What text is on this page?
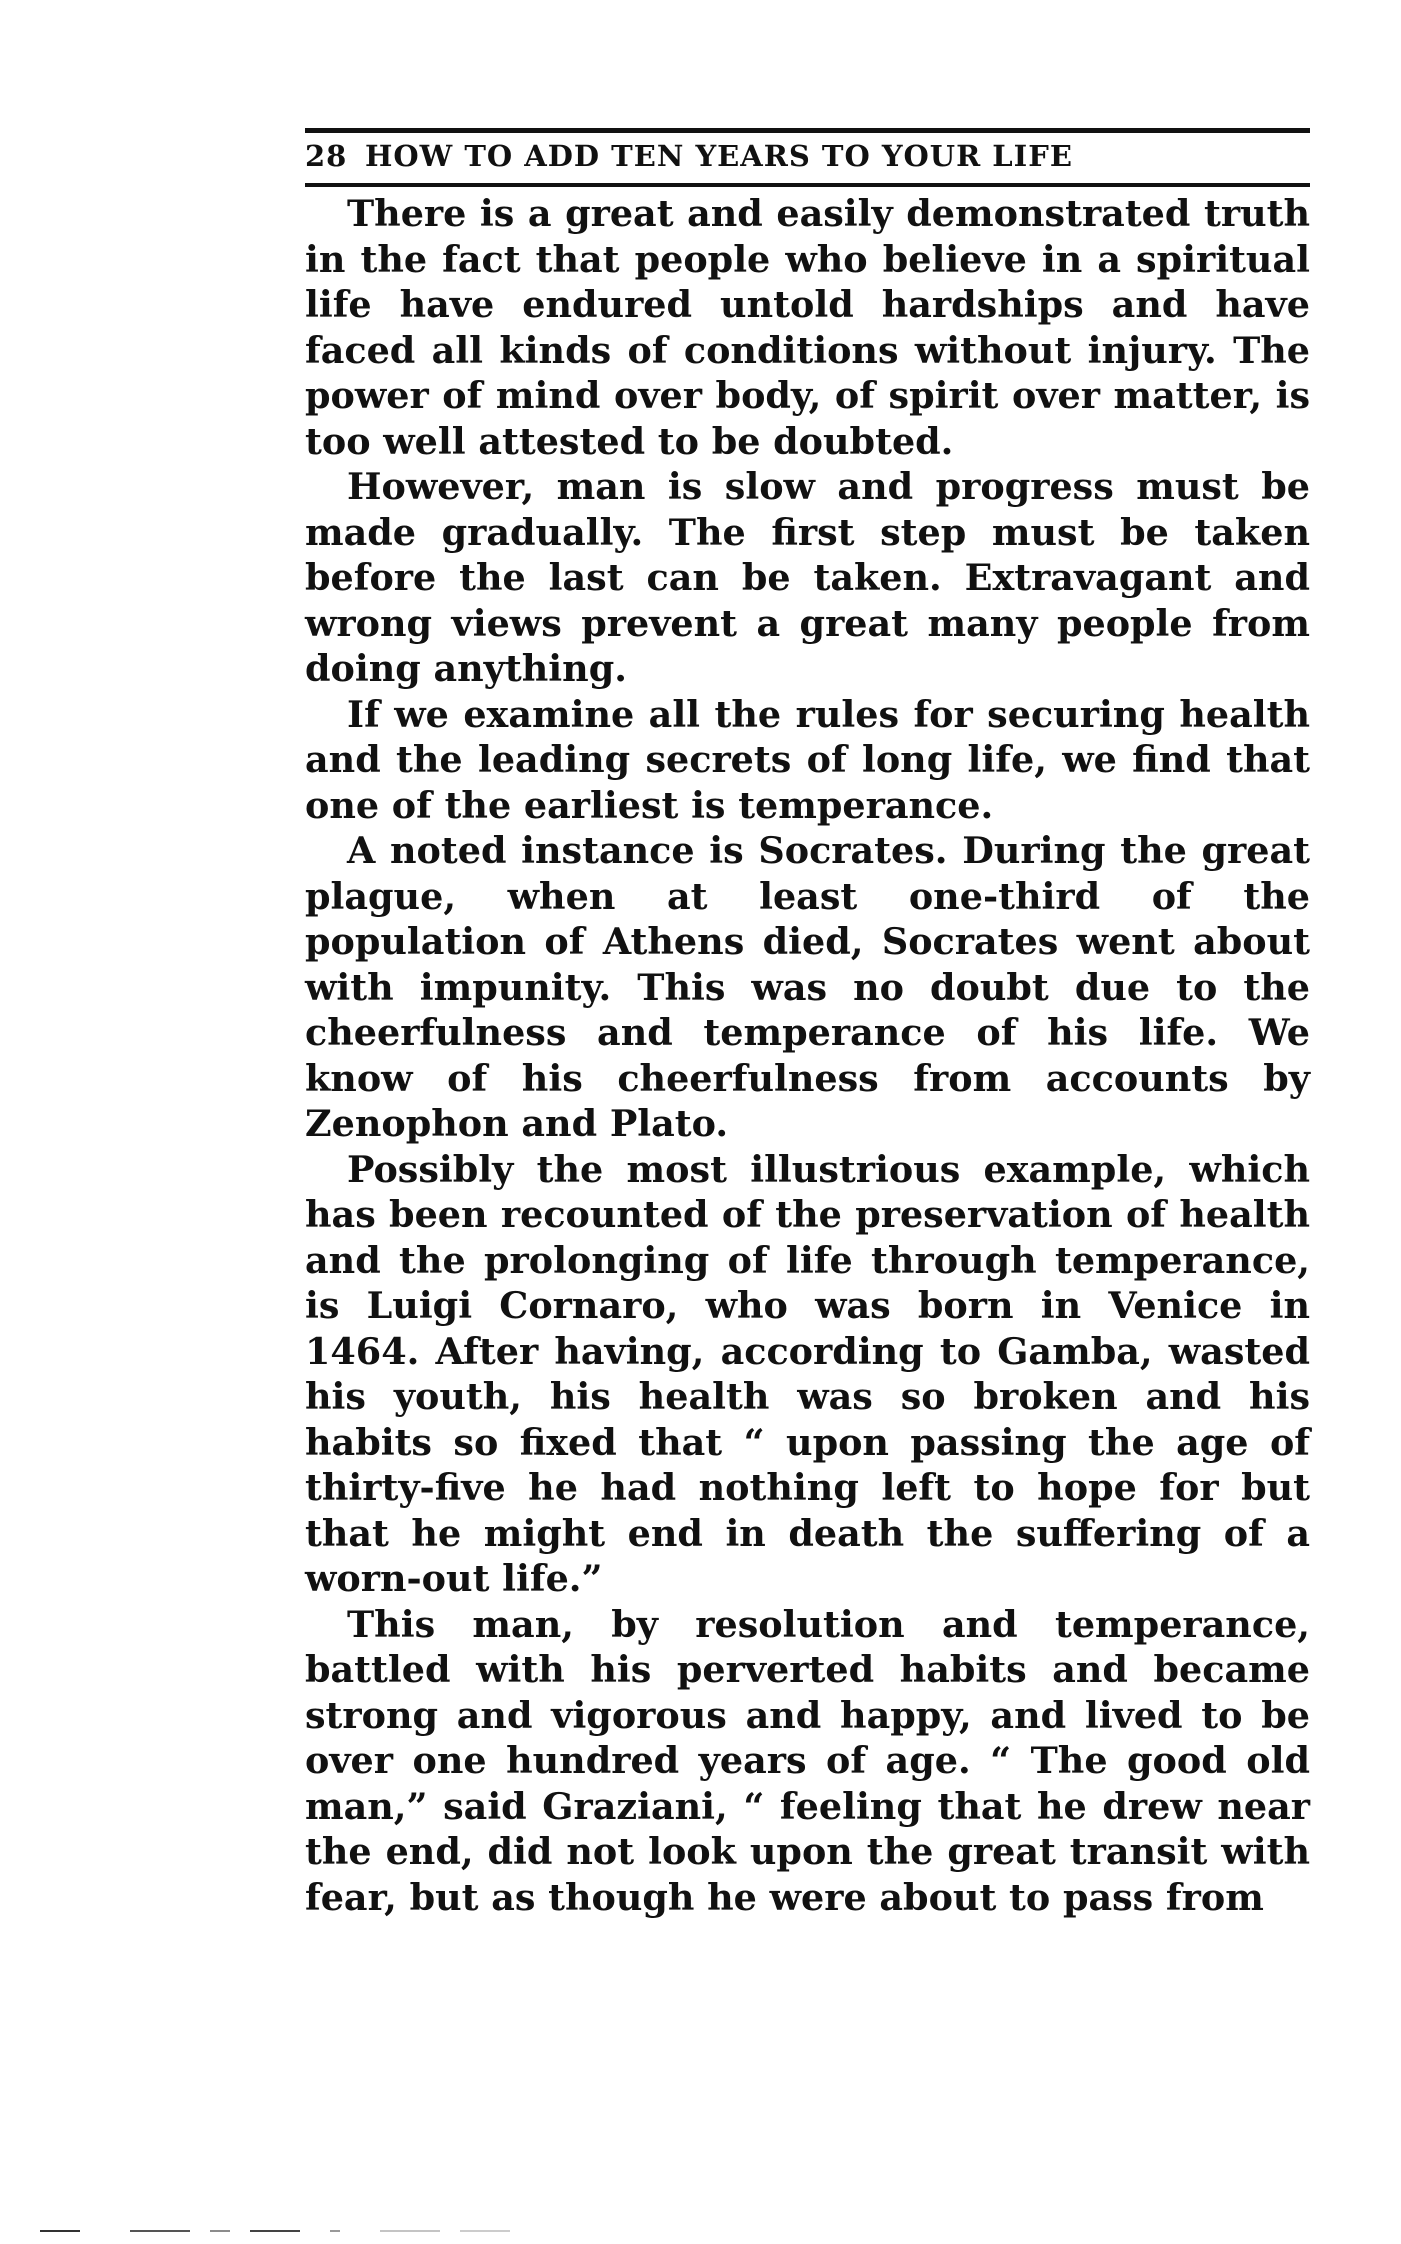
28 HOW TO ADD TEN YEARS TO YOUR LIFE

There is a great and easily demonstrated truth in the fact that people who believe in a spiritual life have endured untold hardships and have faced all kinds of conditions without injury. The power of mind over body, of spirit over matter, is too well attested to be doubted.

However, man is slow and progress must be made gradually. The first step must be taken before the last can be taken. Extravagant and wrong views prevent a great many people from doing anything.

If we examine all the rules for securing health and the leading secrets of long life, we find that one of the earliest is temperance.

A noted instance is Socrates. During the great plague, when at least one-third of the population of Athens died, Socrates went about with impunity. This was no doubt due to the cheerfulness and temperance of his life. We know of his cheerfulness from accounts by Zenophon and Plato.

Possibly the most illustrious example, which has been recounted of the preservation of health and the prolonging of life through temperance, is Luigi Cornaro, who was born in Venice in 1464. After having, according to Gamba, wasted his youth, his health was so broken and his habits so fixed that “ upon passing the age of thirty-five he had nothing left to hope for but that he might end in death the suffering of a worn-out life.”

This man, by resolution and temperance, battled with his perverted habits and became strong and vigorous and happy, and lived to be over one hundred years of age. “ The good old man,” said Graziani, “ feeling that he drew near the end, did not look upon the great transit with fear, but as though he were about to pass from
